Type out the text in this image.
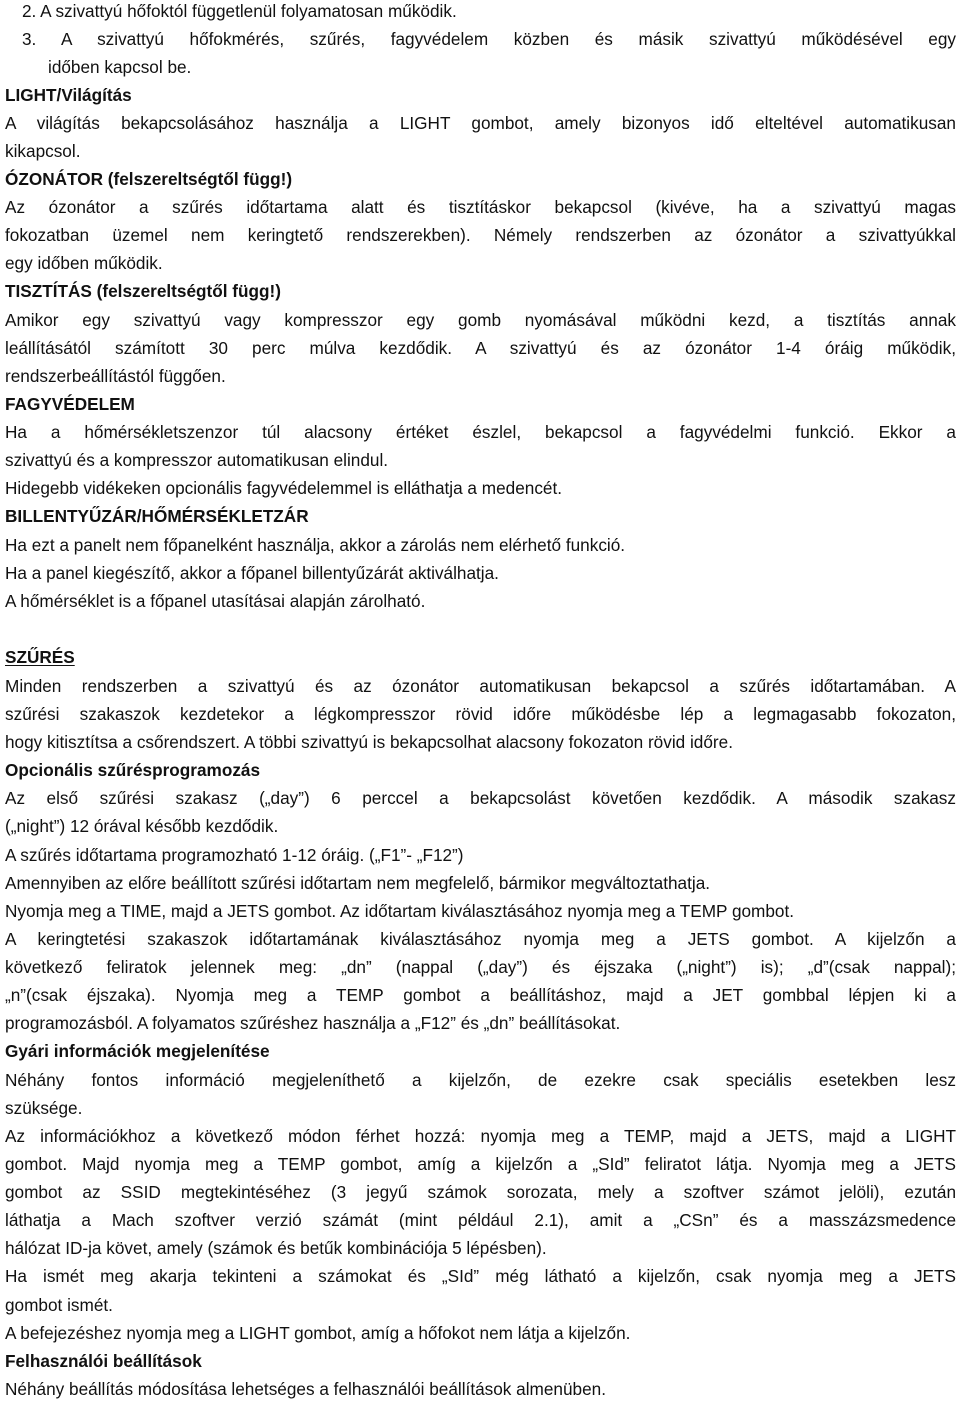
2. A szivattyú hőfoktól függetlenül folyamatosan működik.
3. A szivattyú hőfokmérés, szűrés, fagyvédelem közben és másik szivattyú működésével egy
időben kapcsol be.
LIGHT/Világítás
A világítás bekapcsolásához használja a LIGHT gombot, amely bizonyos idő elteltével automatikusan
kikapcsol.
ÓZONÁTOR (felszereltségtől függ!)
Az ózonátor a szűrés időtartama alatt és tisztításkor bekapcsol (kivéve, ha a szivattyú magas
fokozatban üzemel nem keringtető rendszerekben). Némely rendszerben az ózonátor a szivattyúkkal
egy időben működik.
TISZTÍTÁS (felszereltségtől függ!)
Amikor egy szivattyú vagy kompresszor egy gomb nyomásával működni kezd, a tisztítás annak
leállításától számított 30 perc múlva kezdődik. A szivattyú és az ózonátor 1-4 óráig működik,
rendszerbeállítástól függően.
FAGYVÉDELEM
Ha a hőmérsékletszenzor túl alacsony értéket észlel, bekapcsol a fagyvédelmi funkció. Ekkor a
szivattyú és a kompresszor automatikusan elindul.
Hidegebb vidékeken opcionális fagyvédelemmel is elláthatja a medencét.
BILLENTYŰZÁR/HŐMÉRSÉKLETZÁR
Ha ezt a panelt nem főpanelként használja, akkor a zárolás nem elérhető funkció.
Ha a panel kiegészítő, akkor a főpanel billentyűzárát aktiválhatja.
A hőmérséklet is a főpanel utasításai alapján zárolható.
SZŰRÉS
Minden rendszerben a szivattyú és az ózonátor automatikusan bekapcsol a szűrés időtartamában. A
szűrési szakaszok kezdetekor a légkompresszor rövid időre működésbe lép a legmagasabb fokozaton,
hogy kitisztítsa a csőrendszert. A többi szivattyú is bekapcsolhat alacsony fokozaton rövid időre.
Opcionális szűrésprogramozás
Az első szűrési szakasz („day”) 6 perccel a bekapcsolást követően kezdődik. A második szakasz
(„night”) 12 órával később kezdődik.
A szűrés időtartama programozható 1-12 óráig. („F1”- „F12”)
Amennyiben az előre beállított szűrési időtartam nem megfelelő, bármikor megváltoztathatja.
Nyomja meg a TIME, majd a JETS gombot. Az időtartam kiválasztásához nyomja meg a TEMP gombot.
A keringtetési szakaszok időtartamának kiválasztásához nyomja meg a JETS gombot. A kijelzőn a
következő feliratok jelennek meg: „dn” (nappal („day”) és éjszaka („night”) is); „d”(csak nappal);
„n”(csak éjszaka). Nyomja meg a TEMP gombot a beállításhoz, majd a JET gombbal lépjen ki a
programozásból. A folyamatos szűréshez használja a „F12” és „dn” beállításokat.
Gyári információk megjelenítése
Néhány fontos információ megjeleníthető a kijelzőn, de ezekre csak speciális esetekben lesz
szüksége.
Az információkhoz a következő módon férhet hozzá: nyomja meg a TEMP, majd a JETS, majd a LIGHT
gombot. Majd nyomja meg a TEMP gombot, amíg a kijelzőn a „SId” feliratot látja. Nyomja meg a JETS
gombot az SSID megtekintéséhez (3 jegyű számok sorozata, mely a szoftver számot jelöli), ezután
láthatja a Mach szoftver verzió számát (mint például 2.1), amit a „CSn” és a masszázsmedence
hálózat ID-ja követ, amely (számok és betűk kombinációja 5 lépésben).
Ha ismét meg akarja tekinteni a számokat és „SId” még látható a kijelzőn, csak nyomja meg a JETS
gombot ismét.
A befejezéshez nyomja meg a LIGHT gombot, amíg a hőfokot nem látja a kijelzőn.
Felhasználói beállítások
Néhány beállítás módosítása lehetséges a felhasználói beállítások almenüben.
